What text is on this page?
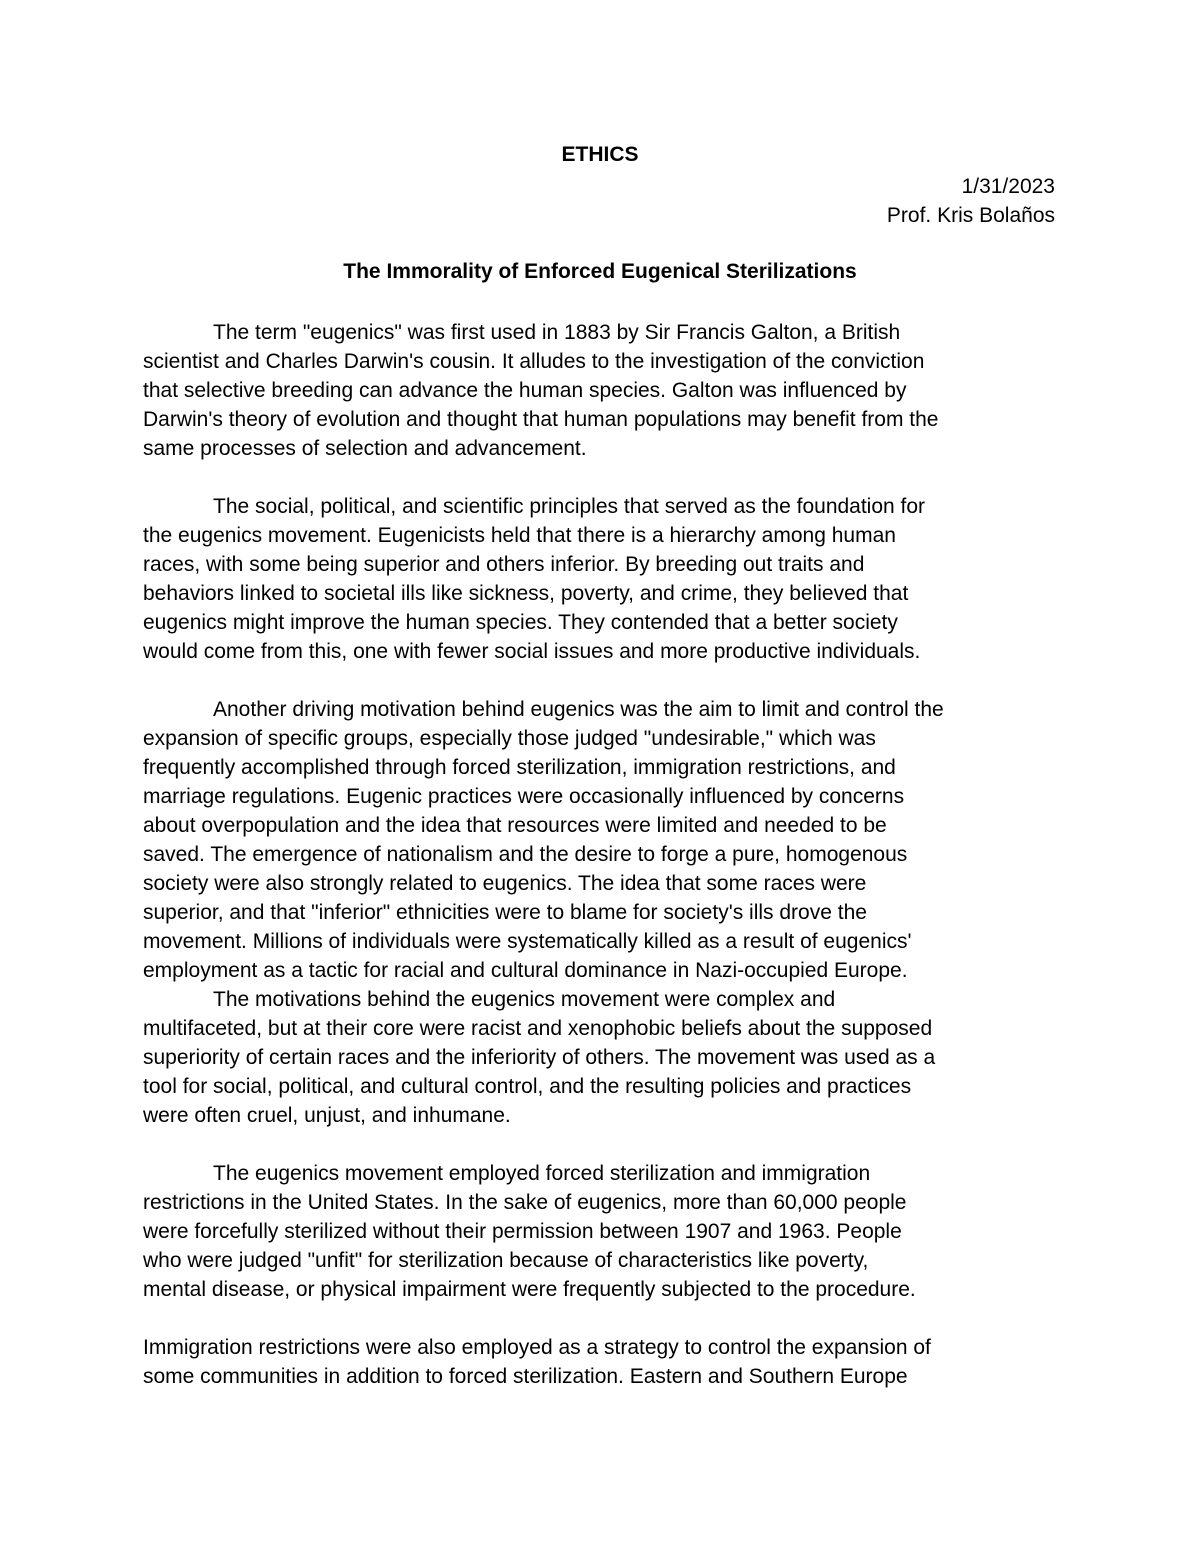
ETHICS
1/31/2023
Prof. Kris Bolaños
The Immorality of Enforced Eugenical Sterilizations

The term "eugenics" was first used in 1883 by Sir Francis Galton, a British
scientist and Charles Darwin's cousin. It alludes to the investigation of the conviction
that selective breeding can advance the human species. Galton was influenced by
Darwin's theory of evolution and thought that human populations may benefit from the
same processes of selection and advancement.

The social, political, and scientific principles that served as the foundation for
the eugenics movement. Eugenicists held that there is a hierarchy among human
races, with some being superior and others inferior. By breeding out traits and
behaviors linked to societal ills like sickness, poverty, and crime, they believed that
eugenics might improve the human species. They contended that a better society
would come from this, one with fewer social issues and more productive individuals.

Another driving motivation behind eugenics was the aim to limit and control the
expansion of specific groups, especially those judged "undesirable," which was
frequently accomplished through forced sterilization, immigration restrictions, and
marriage regulations. Eugenic practices were occasionally influenced by concerns
about overpopulation and the idea that resources were limited and needed to be
saved. The emergence of nationalism and the desire to forge a pure, homogenous
society were also strongly related to eugenics. The idea that some races were
superior, and that "inferior" ethnicities were to blame for society's ills drove the
movement. Millions of individuals were systematically killed as a result of eugenics'
employment as a tactic for racial and cultural dominance in Nazi-occupied Europe.

The motivations behind the eugenics movement were complex and
multifaceted, but at their core were racist and xenophobic beliefs about the supposed
superiority of certain races and the inferiority of others. The movement was used as a
tool for social, political, and cultural control, and the resulting policies and practices
were often cruel, unjust, and inhumane.

The eugenics movement employed forced sterilization and immigration
restrictions in the United States. In the sake of eugenics, more than 60,000 people
were forcefully sterilized without their permission between 1907 and 1963. People
who were judged "unfit" for sterilization because of characteristics like poverty,
mental disease, or physical impairment were frequently subjected to the procedure.

Immigration restrictions were also employed as a strategy to control the expansion of
some communities in addition to forced sterilization. Eastern and Southern Europe
